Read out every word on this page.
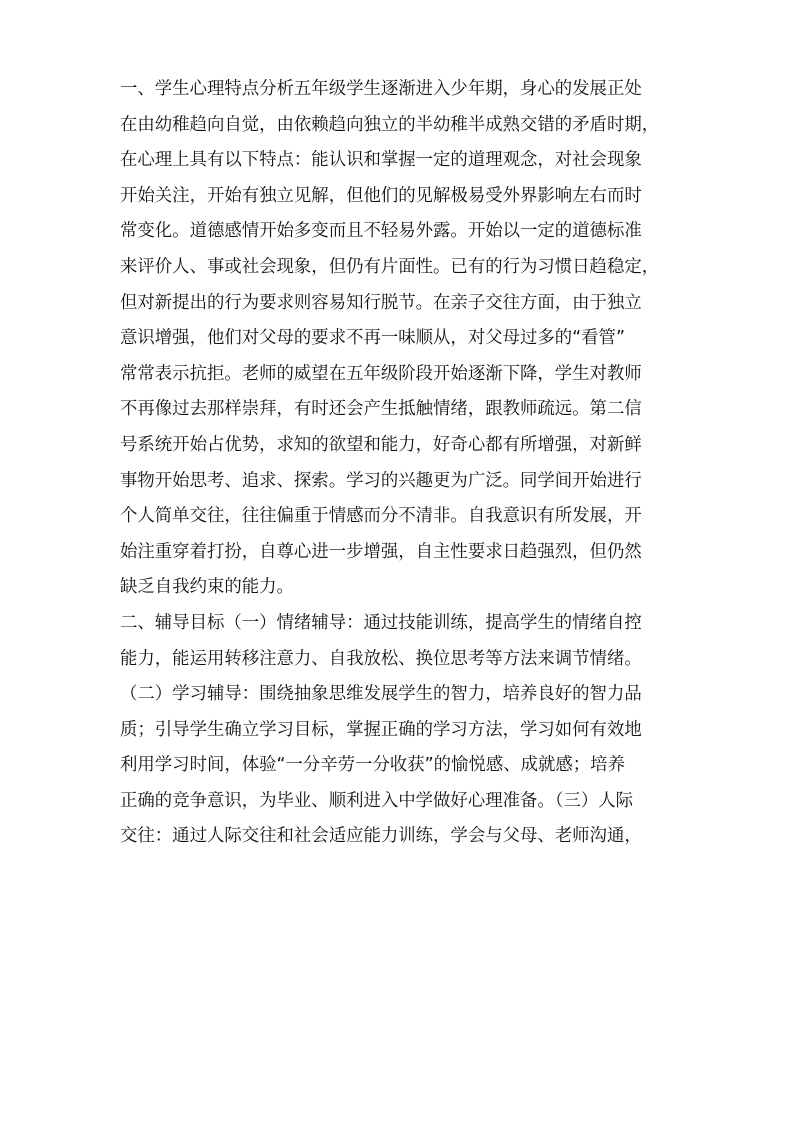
一、学生心理特点分析五年级学生逐渐进入少年期，身心的发展正处
在由幼稚趋向自觉，由依赖趋向独立的半幼稚半成熟交错的矛盾时期，
在心理上具有以下特点：能认识和掌握一定的道理观念，对社会现象
开始关注，开始有独立见解，但他们的见解极易受外界影响左右而时
常变化。道德感情开始多变而且不轻易外露。开始以一定的道德标准
来评价人、事或社会现象，但仍有片面性。已有的行为习惯日趋稳定，
但对新提出的行为要求则容易知行脱节。在亲子交往方面，由于独立
意识增强，他们对父母的要求不再一味顺从，对父母过多的“看管”
常常表示抗拒。老师的威望在五年级阶段开始逐渐下降，学生对教师
不再像过去那样崇拜，有时还会产生抵触情绪，跟教师疏远。第二信
号系统开始占优势，求知的欲望和能力，好奇心都有所增强，对新鲜
事物开始思考、追求、探索。学习的兴趣更为广泛。同学间开始进行
个人简单交往，往往偏重于情感而分不清非。自我意识有所发展，开
始注重穿着打扮，自尊心进一步增强，自主性要求日趋强烈，但仍然
缺乏自我约束的能力。
二、辅导目标（一）情绪辅导：通过技能训练，提高学生的情绪自控
能力，能运用转移注意力、自我放松、换位思考等方法来调节情绪。
（二）学习辅导：围绕抽象思维发展学生的智力，培养良好的智力品
质；引导学生确立学习目标，掌握正确的学习方法，学习如何有效地
利用学习时间，体验“一分辛劳一分收获”的愉悦感、成就感；培养
正确的竞争意识，为毕业、顺利进入中学做好心理准备。（三）人际
交往：通过人际交往和社会适应能力训练，学会与父母、老师沟通，
